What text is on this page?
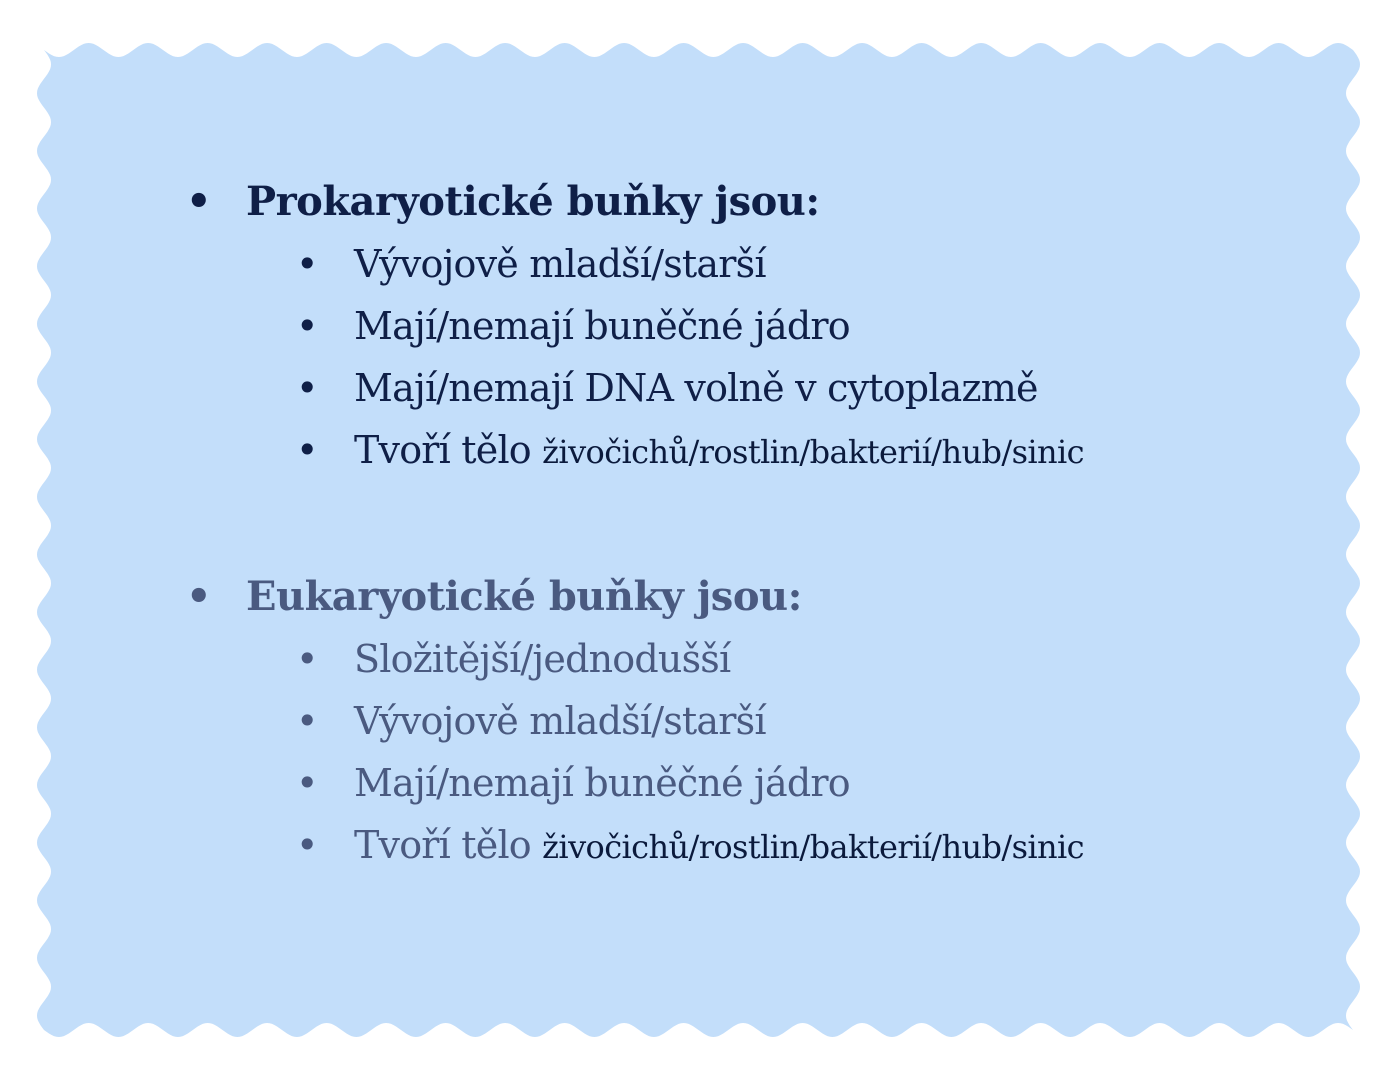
• Prokaryotické buňky jsou:
• Vývojově mladší/starší
• Mají/nemají buněčné jádro
• Mají/nemají DNA volně v cytoplazmě
• Tvoří tělo živočichů/rostlin/bakterií/hub/sinic
• Eukaryotické buňky jsou:
• Složitější/jednodušší
• Vývojově mladší/starší
• Mají/nemají buněčné jádro
• Tvoří tělo živočichů/rostlin/bakterií/hub/sinic
